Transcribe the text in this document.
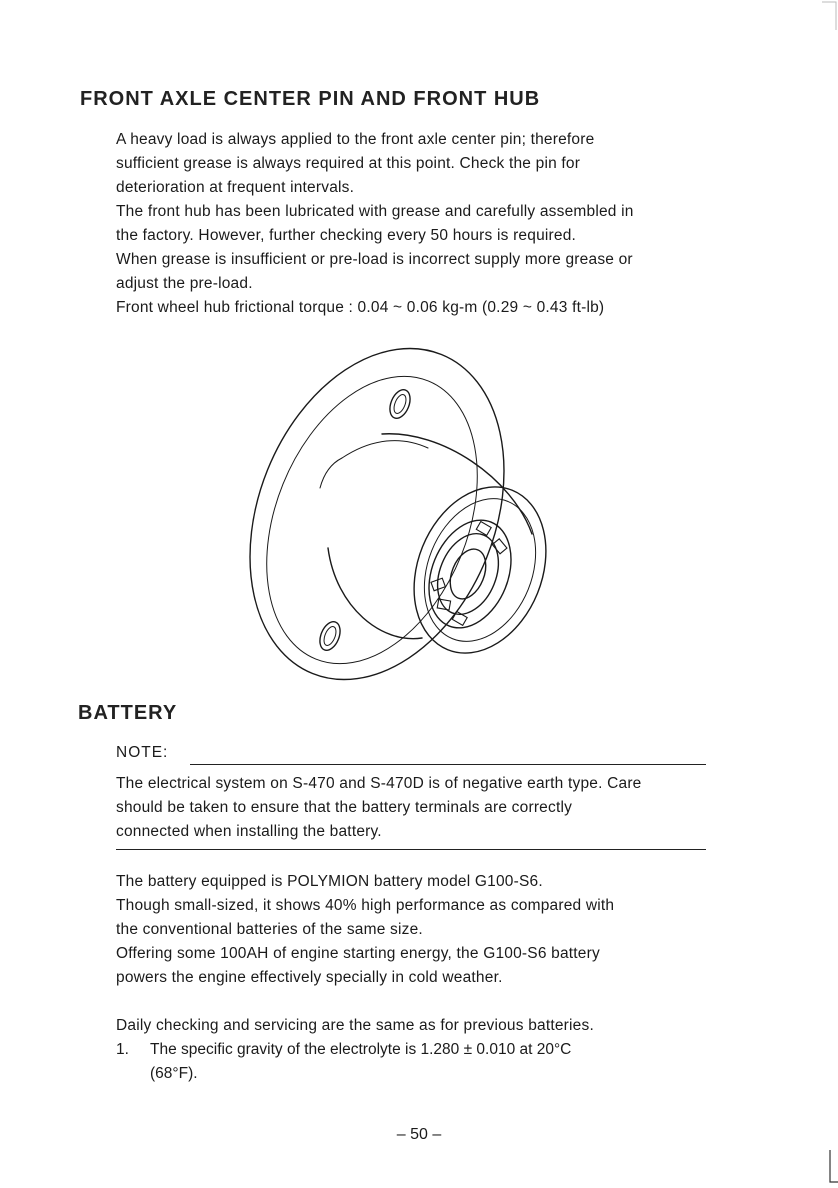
FRONT AXLE CENTER PIN AND FRONT HUB

A heavy load is always applied to the front axle center pin; therefore
sufficient grease is always required at this point. Check the pin for
deterioration at frequent intervals.
The front hub has been lubricated with grease and carefully assembled in
the factory. However, further checking every 50 hours is required.
When grease is insufficient or pre-load is incorrect supply more grease or
adjust the pre-load.
Front wheel hub frictional torque : 0.04 ~ 0.06 kg-m (0.29 ~ 0.43 ft-lb)

BATTERY
NOTE:

The electrical system on S-470 and S-470D is of negative earth type. Care
should be taken to ensure that the battery terminals are correctly
connected when installing the battery.

The battery equipped is POLYMION battery model G100-S6.
Though small-sized, it shows 40% high performance as compared with
the conventional batteries of the same size.
Offering some 100AH of engine starting energy, the G100-S6 battery
powers the engine effectively specially in cold weather.

Daily checking and servicing are the same as for previous batteries.

1. The specific gravity of the electrolyte is 1.280 ± 0.010 at 20°C
(68°F).
– 50 –
